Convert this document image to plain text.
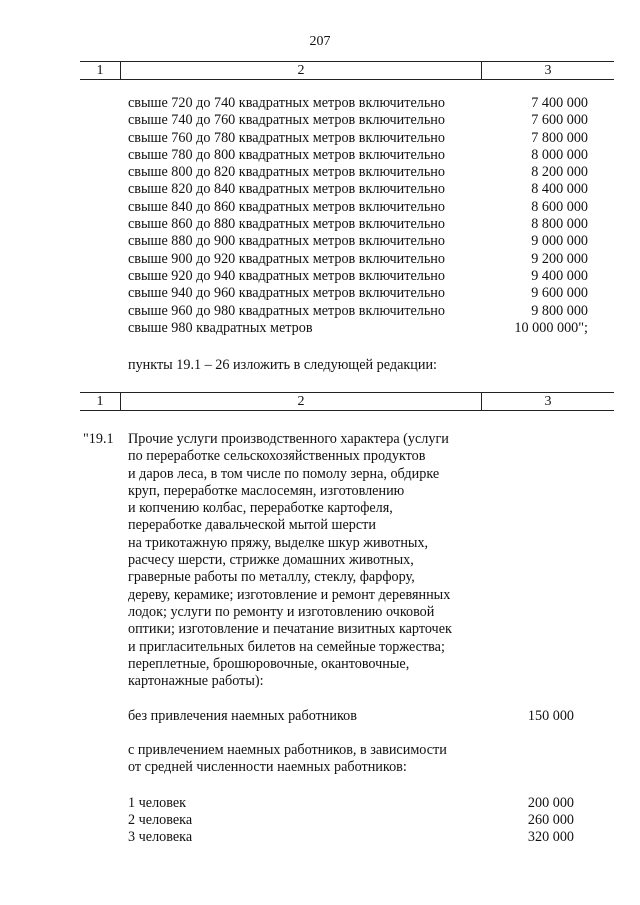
207
1	2	3
свыше 720 до 740 квадратных метров включительно	7 400 000
свыше 740 до 760 квадратных метров включительно	7 600 000
свыше 760 до 780 квадратных метров включительно	7 800 000
свыше 780 до 800 квадратных метров включительно	8 000 000
свыше 800 до 820 квадратных метров включительно	8 200 000
свыше 820 до 840 квадратных метров включительно	8 400 000
свыше 840 до 860 квадратных метров включительно	8 600 000
свыше 860 до 880 квадратных метров включительно	8 800 000
свыше 880 до 900 квадратных метров включительно	9 000 000
свыше 900 до 920 квадратных метров включительно	9 200 000
свыше 920 до 940 квадратных метров включительно	9 400 000
свыше 940 до 960 квадратных метров включительно	9 600 000
свыше 960 до 980 квадратных метров включительно	9 800 000
свыше 980 квадратных метров	10 000 000";
пункты 19.1 – 26 изложить в следующей редакции:
1	2	3
"19.1 Прочие услуги производственного характера (услуги
по переработке сельскохозяйственных продуктов
и даров леса, в том числе по помолу зерна, обдирке
круп, переработке маслосемян, изготовлению
и копчению колбас, переработке картофеля,
переработке давальческой мытой шерсти
на трикотажную пряжу, выделке шкур животных,
расчесу шерсти, стрижке домашних животных,
граверные работы по металлу, стеклу, фарфору,
дереву, керамике; изготовление и ремонт деревянных
лодок; услуги по ремонту и изготовлению очковой
оптики; изготовление и печатание визитных карточек
и пригласительных билетов на семейные торжества;
переплетные, брошюровочные, окантовочные,
картонажные работы):
без привлечения наемных работников	150 000
с привлечением наемных работников, в зависимости
от средней численности наемных работников:
1 человек	200 000
2 человека	260 000
3 человека	320 000
